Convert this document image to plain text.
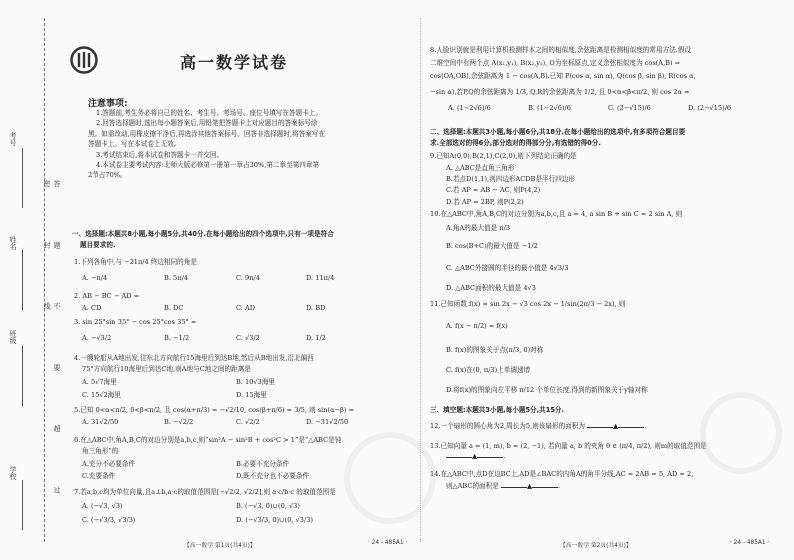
考号
姓名
班级
学校	答 题 不 要 超 过 密 封 线
高一数学试卷
注意事项:
1.答题前,考生务必将自己的姓名、考生号、考场号、座位号填写在答题卡上。
2.回答选择题时,选出每小题答案后,用铅笔把答题卡上对应题目的答案标号涂
黑。如需改动,用橡皮擦干净后,再选涂其他答案标号。回答非选择题时,将答案写在
答题卡上。写在本试卷上无效。
3.考试结束后,将本试卷和答题卡一并交回。
4.本试卷主要考试内容:北师大版必修第一册第一章占30%,第二章至第四章第
2节占70%。
一、选择题:本题共8小题,每小题5分,共40分.在每小题给出的四个选项中,只有一项是符合
题目要求的.
1.下列各角中,与 −21π/4 终边相同的角是
A. −π/4	B. 5π/4	C. 9π/4	D. 11π/4
2. AB − BC − AD =
A. CD	B. DC	C. AD	D. BD
3. sin 25°sin 35° − cos 25°cos 35° =
A. −√3/2	B. −1/2	C. √3/2	D. 1/2
4.一艘轮船从A地出发,往东北方向航行15海里后到达B地,然后从B地出发,沿北偏西
75°方向航行10海里后到达C地,则A地与C地之间的距离是
A. 5√7海里	B. 10√3海里
C. 15√2海里	D. 15海里
5.已知 0<α<π/2, 0<β<π/2, 且 cos(α+π/3) = −√2/10, cos(β+π/6) = 3/5, 则 sin(α−β) =
A. 31√2/50	B. −√2/2	C. √2/2	D. −31√2/50
6.在△ABC中,角A,B,C的对边分别是a,b,c,则“sin²A − sin²B + cos²C > 1”是“△ABC是钝
角三角形”的
A.充分不必要条件	B.必要不充分条件
C.充要条件	D.既不充分也不必要条件
7.若a,b,c均为单位向量,且a⊥b,a·c的取值范围是[−√2/2, √2/2],则 a·c/b·c 的取值范围是
A. (−√3, √3)	B. (−√3, 0)∪(0, √3)
C. (−√3/3, √3/3)	D. (−√3/3, 0)∪(0, √3/3)
【高一数学 第1页(共4页)】	· 24 - 485A1 ·
8.人脸识别就是利用计算机检测样本之间的相似度,余弦距离是检测相似度的常用方法.假设
二维空间中有两个点 A(x₁,y₁), B(x₂,y₂), O为坐标原点,定义余弦相似度为 cos(A,B) =
cos⟨OA,OB⟩,余弦距离为 1 − cos(A,B).已知 P(cos α, sin α), Q(cos β, sin β), R(cos α,
−sin α),若P,Q的余弦距离为 1/3, Q,R的余弦距离为 1/2, 且 0<α<β<π/2, 则 cos 2α =
A. (1−2√6)/6	B. (1−2√6)/6	C. (2−√15)/6	D. (2−√15)/6
二、选择题:本题共3小题,每小题6分,共18分.在每小题给出的选项中,有多项符合题目要
求.全部选对的得6分,部分选对的得部分分,有选错的得0分.
9.已知A(0,0),B(2,1),C(2,0),则下列结论正确的是
A. △ABC是直角三角形
B.若点D(1,1),则四边形ACDB是平行四边形
C.若 AP = AB − AC, 则P(4,2)
D.若 AP = 2BP, 则P(2,2)
10.在△ABC中,角A,B,C的对边分别为a,b,c,且 a = 4, a sin B + sin C = 2 sin A, 则
A.角A的最大值是 π/3
B. cos(B+C)的最大值是 −1/2
C. △ABC外接圆的半径的最小值是 4√3/3
D. △ABC面积的最大值是 4√3
11.已知函数 f(x) = sin 2x − √3 cos 2x − 1/sin(2π/3 − 2x), 则
A. f(x − π/2) = f(x)
B. f(x)的图象关于点(π/3, 0)对称
C. f(x)在(0, π/3)上单调递增
D.将f(x)的图象向左平移 π/12 个单位长度,得到的新图象关于y轴对称
三、填空题:本题共3小题,每小题5分,共15分.
12.一个扇形的圆心角为2,周长为5,则该扇形的面积为	▲	.
13.已知向量 a = (1, m), b = (2, −1), 若向量 a, b 的夹角 θ ∈ (π/4, π/2), 则m的取值范围是
▲	.
14.在△ABC中,点D在边BC上,AD是∠BAC的内角A的角平分线,AC = 2AB = 5, AD = 2,
则△ABC的面积是	▲	.
【高一数学 第2页(共4页)】	· 24 - 485A1 ·
